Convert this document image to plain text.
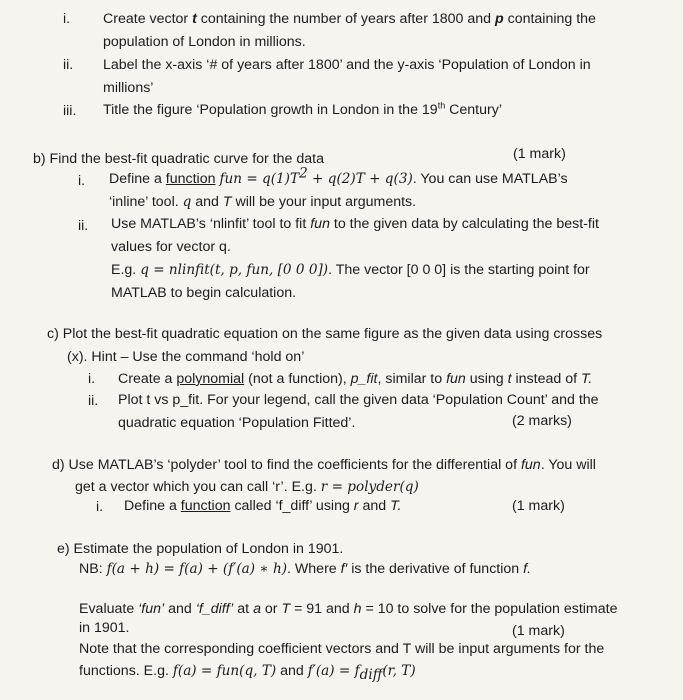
i. Create vector t containing the number of years after 1800 and p containing the
population of London in millions.
ii. Label the x-axis ‘# of years after 1800’ and the y-axis ‘Population of London in
millions’
iii. Title the figure ‘Population growth in London in the 19th Century’
b) Find the best-fit quadratic curve for the data	(1 mark)
i. Define a function fun = $q(1)T^2 + q(2)T + q(3)$. You can use MATLAB’s
‘inline’ tool. q and T will be your input arguments.
ii. Use MATLAB’s ‘nlinfit’ tool to fit fun to the given data by calculating the best-fit
values for vector q.
E.g. q = nlinfit(t, p, fun, [0 0 0]). The vector [0 0 0] is the starting point for
MATLAB to begin calculation.
c) Plot the best-fit quadratic equation on the same figure as the given data using crosses
(x). Hint – Use the command ‘hold on’
i. Create a polynomial (not a function), p_fit, similar to fun using t instead of T.
ii. Plot t vs p_fit. For your legend, call the given data ‘Population Count’ and the
quadratic equation ‘Population Fitted’.	(2 marks)
d) Use MATLAB’s ‘polyder’ tool to find the coefficients for the differential of fun. You will
get a vector which you can call ‘r’. E.g. r = polyder(q)
i. Define a function called ‘f_diff’ using r and T.	(1 mark)
e) Estimate the population of London in 1901.
NB: f(a + h) = f(a) + (f′(a) ∗ h). Where f′ is the derivative of function f.
Evaluate ‘fun’ and ‘f_diff’ at a or T = 91 and h = 10 to solve for the population estimate
in 1901.	(1 mark)
Note that the corresponding coefficient vectors and T will be input arguments for the
functions. E.g. f(a) = fun(q, T) and $f'(a) = f_{diff}(r$, T)
